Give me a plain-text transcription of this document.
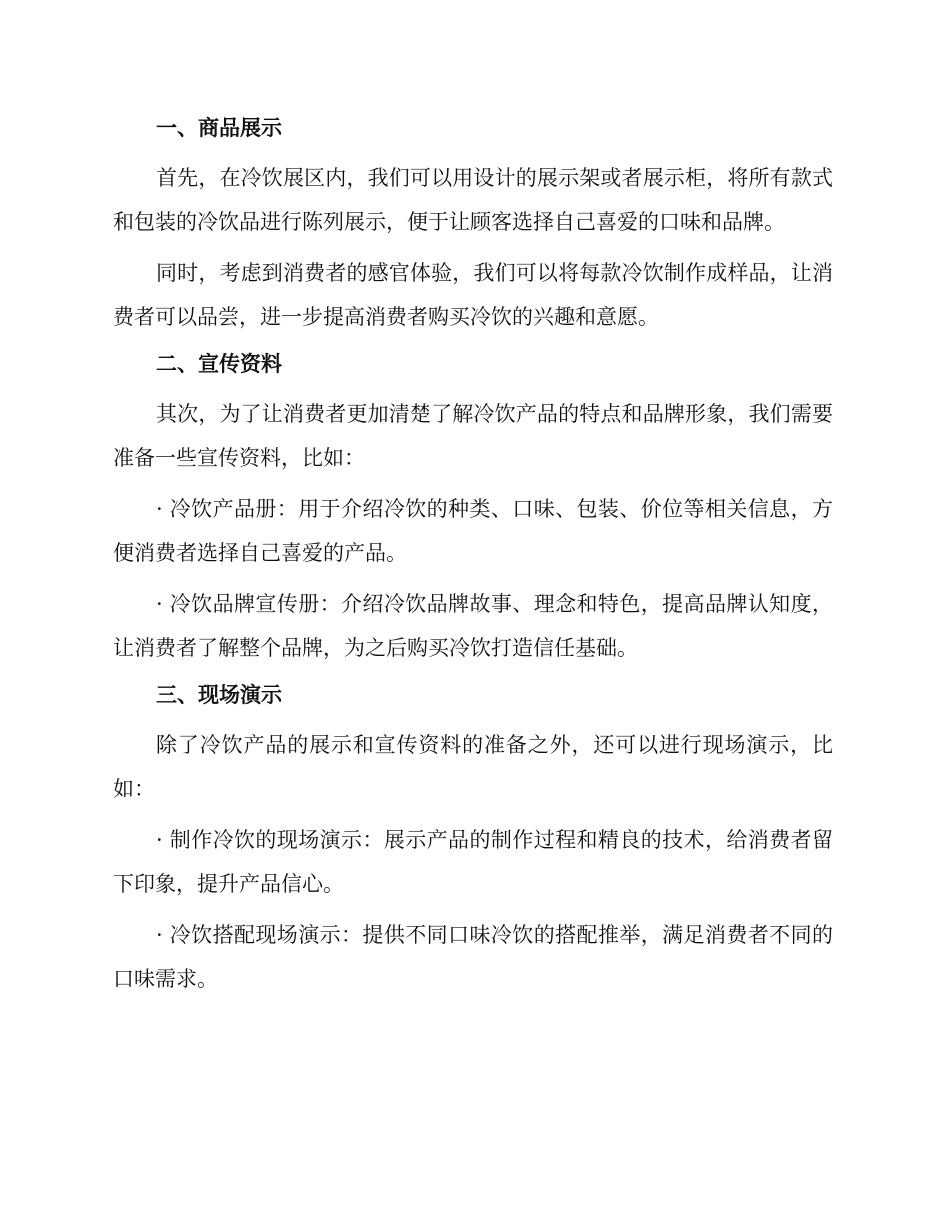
一、商品展示

首先，在冷饮展区内，我们可以用设计的展示架或者展示柜，将所有款式和包装的冷饮品进行陈列展示，便于让顾客选择自己喜爱的口味和品牌。

同时，考虑到消费者的感官体验，我们可以将每款冷饮制作成样品，让消费者可以品尝，进一步提高消费者购买冷饮的兴趣和意愿。

二、宣传资料

其次，为了让消费者更加清楚了解冷饮产品的特点和品牌形象，我们需要准备一些宣传资料，比如：

· 冷饮产品册：用于介绍冷饮的种类、口味、包装、价位等相关信息，方便消费者选择自己喜爱的产品。

· 冷饮品牌宣传册：介绍冷饮品牌故事、理念和特色，提高品牌认知度，让消费者了解整个品牌，为之后购买冷饮打造信任基础。

三、现场演示

除了冷饮产品的展示和宣传资料的准备之外，还可以进行现场演示，比如：

· 制作冷饮的现场演示：展示产品的制作过程和精良的技术，给消费者留下印象，提升产品信心。

· 冷饮搭配现场演示：提供不同口味冷饮的搭配推举，满足消费者不同的口味需求。
